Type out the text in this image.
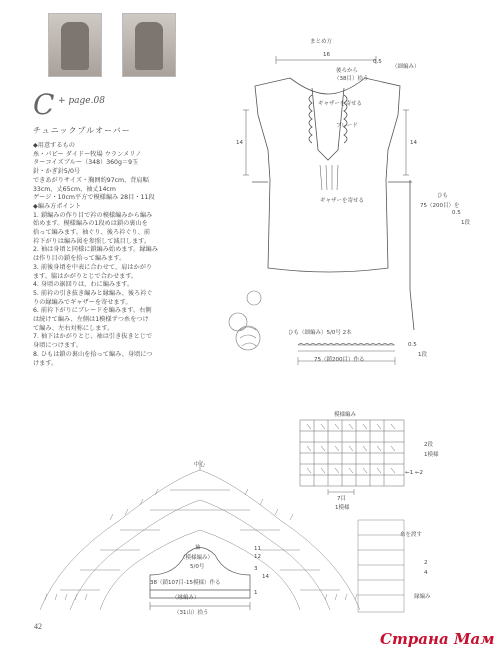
C + page.08
チュニックプルオーバー
◆用意するもの
糸・パピー ダイドー牧場 ウランメリノ
ターコイズブルー（348）360g＝9玉
針・かぎ針5/0号
できあがりサイズ・胸囲約97cm、背肩幅
33cm、丈65cm、袖丈14cm
ゲージ・10cm平方で模様編み 28目・11段
◆編み方ポイント
1. 鎖編みの作り目で衿の模様編みから編み
始めます。模様編みの1段めは鎖の裏山を
拾って編みます。袖ぐり、後ろ衿ぐり、前
衿下がりは編み図を参照して減目します。
2. 袖は身頃と同様に鎖編み始めます。縁編み
は作り目の鎖を拾って編みます。
3. 前後身頃を中表に合わせて、肩はかがり
ます。脇はかがりとじで合わせます。
4. 身頃の裾回りは、わに編みます。
5. 前衿の引き抜き編みと縁編み、後ろ衿ぐ
りの縁編みでギャザーを寄せます。
6. 前衿下がりにブレードを編みます。右側
は続けて編み、左側は1模様ずつ糸をつけ
て編み、左右対称にします。
7. 袖下はかがりとじ、袖は引き抜きとじで
身頃につけます。
8. ひもは鎖の裏山を拾って編み、身頃につ
けます。
まとめ方
16
0.5
（細編み）
後ろから
（38目）拾う
ギャザーを寄せる
ブレード
14	14
ギャザーを寄せる
ひも
75（200目）を
0.5
1段
ひも（細編み）5/0号 2本
75（鎖200目）作る
0.5
1段
模様編み
2段
1模様
←1 ←2
7目
1模様
中心
袖
（模様編み）
5/0号
38（鎖107目-15模様）作る
（縁編み）
（31山）拾う
11
12
3
14
1
2
4
糸を渡す
縁編み
42
Страна Мам
